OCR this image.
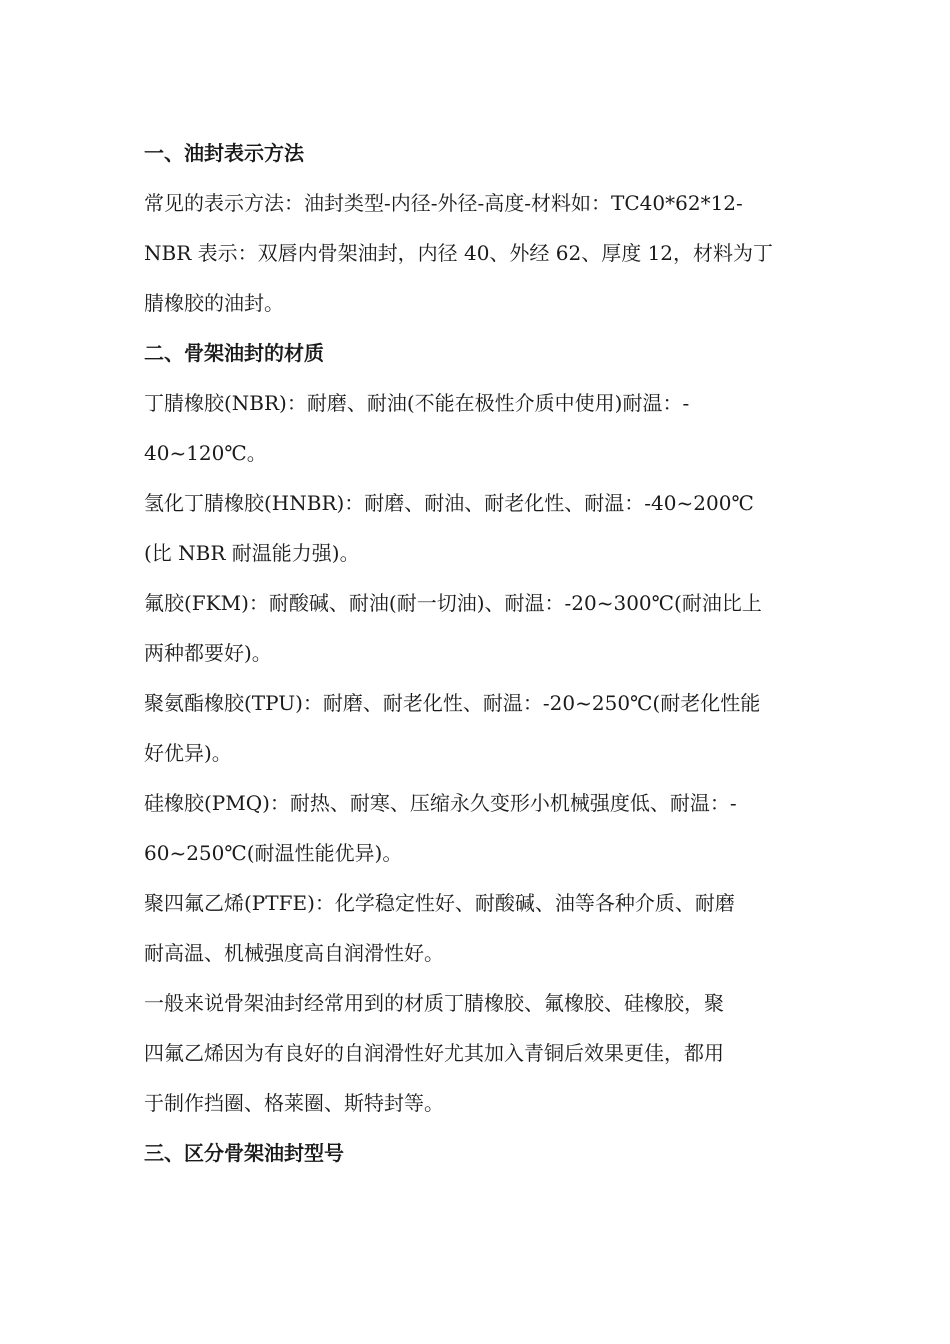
一、油封表示方法

常见的表示方法：油封类型-内径-外径-高度-材料如：TC40*62*12-
NBR 表示：双唇内骨架油封，内径 40、外经 62、厚度 12，材料为丁
腈橡胶的油封。

二、骨架油封的材质

丁腈橡胶(NBR)：耐磨、耐油(不能在极性介质中使用)耐温：-
40~120℃。

氢化丁腈橡胶(HNBR)：耐磨、耐油、耐老化性、耐温：-40~200℃
(比 NBR 耐温能力强)。

氟胶(FKM)：耐酸碱、耐油(耐一切油)、耐温：-20~300℃(耐油比上
两种都要好)。

聚氨酯橡胶(TPU)：耐磨、耐老化性、耐温：-20~250℃(耐老化性能
好优异)。

硅橡胶(PMQ)：耐热、耐寒、压缩永久变形小机械强度低、耐温：-
60~250℃(耐温性能优异)。

聚四氟乙烯(PTFE)：化学稳定性好、耐酸碱、油等各种介质、耐磨
耐高温、机械强度高自润滑性好。

一般来说骨架油封经常用到的材质丁腈橡胶、氟橡胶、硅橡胶，聚
四氟乙烯因为有良好的自润滑性好尤其加入青铜后效果更佳，都用
于制作挡圈、格莱圈、斯特封等。

三、区分骨架油封型号
